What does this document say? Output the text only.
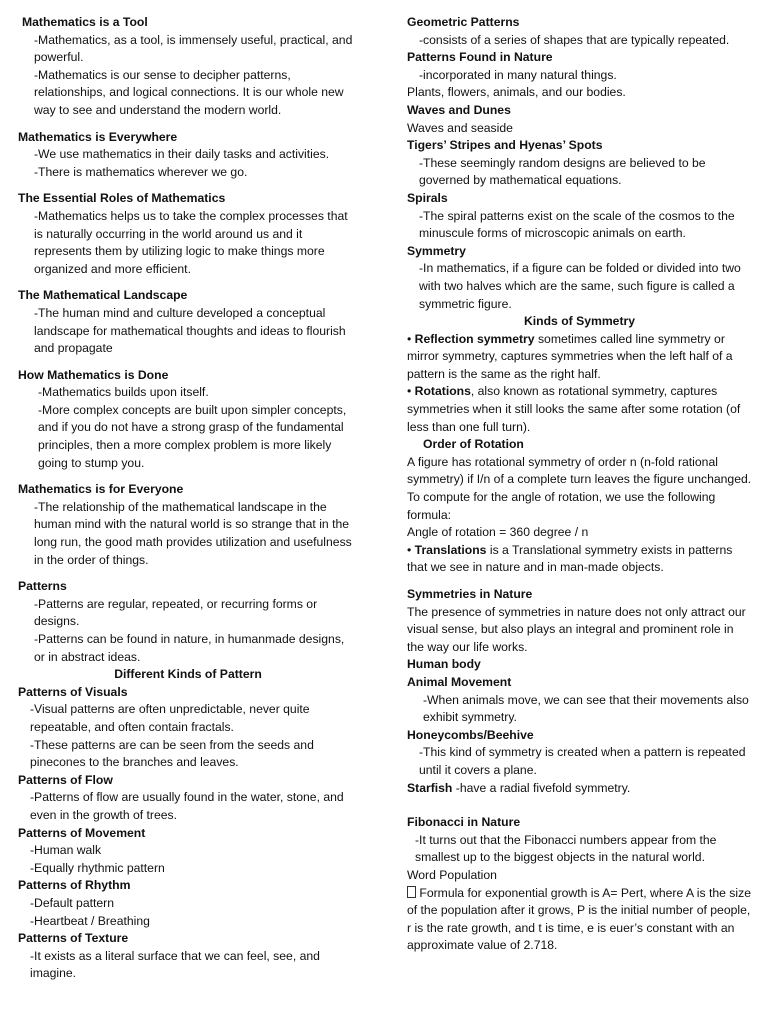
Mathematics is a Tool

-Mathematics, as a tool, is immensely useful, practical, and powerful.

-Mathematics is our sense to decipher patterns, relationships, and logical connections. It is our whole new way to see and understand the modern world.

Mathematics is Everywhere

-We use mathematics in their daily tasks and activities.

-There is mathematics wherever we go.

The Essential Roles of Mathematics

-Mathematics helps us to take the complex processes that is naturally occurring in the world around us and it represents them by utilizing logic to make things more organized and more efficient.

The Mathematical Landscape

-The human mind and culture developed a conceptual landscape for mathematical thoughts and ideas to flourish and propagate

How Mathematics is Done

-Mathematics builds upon itself.

-More complex concepts are built upon simpler concepts, and if you do not have a strong grasp of the fundamental principles, then a more complex problem is more likely going to stump you.

Mathematics is for Everyone

-The relationship of the mathematical landscape in the human mind with the natural world is so strange that in the long run, the good math provides utilization and usefulness in the order of things.

Patterns

-Patterns are regular, repeated, or recurring forms or designs.

-Patterns can be found in nature, in humanmade designs, or in abstract ideas.

Different Kinds of Pattern

Patterns of Visuals

-Visual patterns are often unpredictable, never quite repeatable, and often contain fractals.

-These patterns are can be seen from the seeds and pinecones to the branches and leaves.

Patterns of Flow

-Patterns of flow are usually found in the water, stone, and even in the growth of trees.

Patterns of Movement

-Human walk

-Equally rhythmic pattern

Patterns of Rhythm

-Default pattern

-Heartbeat / Breathing

Patterns of Texture

-It exists as a literal surface that we can feel, see, and imagine.

Geometric Patterns

-consists of a series of shapes that are typically repeated.

Patterns Found in Nature

-incorporated in many natural things.

Plants, flowers, animals, and our bodies.

Waves and Dunes

Waves and seaside

Tigers’ Stripes and Hyenas’ Spots

-These seemingly random designs are believed to be governed by mathematical equations.

Spirals

-The spiral patterns exist on the scale of the cosmos to the minuscule forms of microscopic animals on earth.

Symmetry

-In mathematics, if a figure can be folded or divided into two with two halves which are the same, such figure is called a symmetric figure.

Kinds of Symmetry

• Reflection symmetry sometimes called line symmetry or mirror symmetry, captures symmetries when the left half of a pattern is the same as the right half.

• Rotations, also known as rotational symmetry, captures symmetries when it still looks the same after some rotation (of less than one full turn).

Order of Rotation

A figure has rotational symmetry of order n (n-fold rational symmetry) if I/n of a complete turn leaves the figure unchanged.

To compute for the angle of rotation, we use the following formula:

Angle of rotation = 360 degree / n

• Translations is a Translational symmetry exists in patterns that we see in nature and in man-made objects.

Symmetries in Nature

The presence of symmetries in nature does not only attract our visual sense, but also plays an integral and prominent role in the way our life works.

Human body

Animal Movement

-When animals move, we can see that their movements also exhibit symmetry.

Honeycombs/Beehive

-This kind of symmetry is created when a pattern is repeated until it covers a plane.

Starfish -have a radial fivefold symmetry.

Fibonacci in Nature

-It turns out that the Fibonacci numbers appear from the smallest up to the biggest objects in the natural world.

Word Population

Formula for exponential growth is A= Pert, where A is the size of the population after it grows, P is the initial number of people, r is the rate growth, and t is time, e is euer’s constant with an approximate value of 2.718.
